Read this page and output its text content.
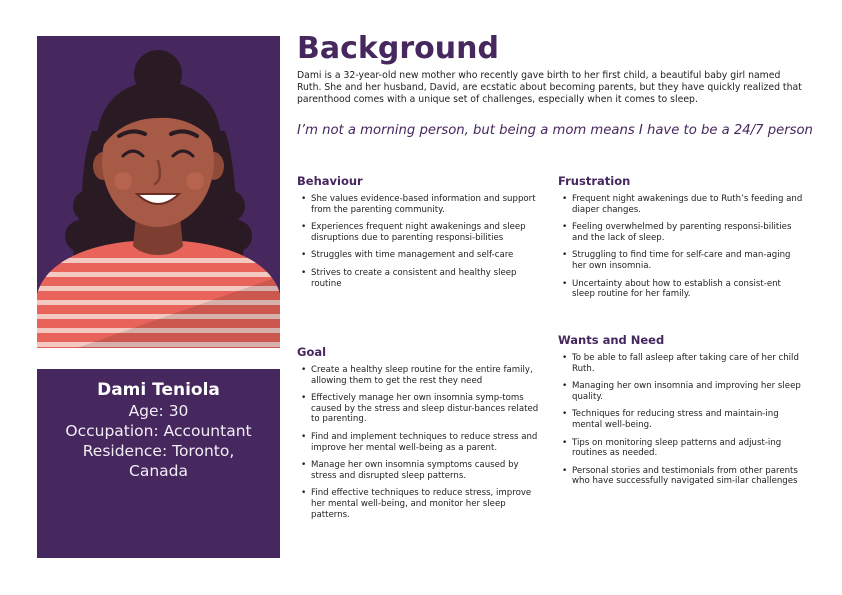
Dami Teniola
Age: 30
Occupation: Accountant
Residence: Toronto,
Canada
Background
Dami is a 32-year-old new mother who recently gave birth to her first child, a beautiful baby girl named Ruth. She and her husband, David, are ecstatic about becoming parents, but they have quickly realized that parenthood comes with a unique set of challenges, especially when it comes to sleep.
I’m not a morning person, but being a mom means I have to be a 24/7 person
Behaviour
• She values evidence-based information and support from the parenting community.
• Experiences frequent night awakenings and sleep disruptions due to parenting responsi-bilities
• Struggles with time management and self-care
• Strives to create a consistent and healthy sleep routine
Goal
• Create a healthy sleep routine for the entire family, allowing them to get the rest they need
• Effectively manage her own insomnia symp-toms caused by the stress and sleep distur-bances related to parenting.
• Find and implement techniques to reduce stress and improve her mental well-being as a parent.
• Manage her own insomnia symptoms caused by stress and disrupted sleep patterns.
• Find effective techniques to reduce stress, improve her mental well-being, and monitor her sleep patterns.
Frustration
• Frequent night awakenings due to Ruth’s feeding and diaper changes.
• Feeling overwhelmed by parenting responsi-bilities and the lack of sleep.
• Struggling to find time for self-care and man-aging her own insomnia.
• Uncertainty about how to establish a consist-ent sleep routine for her family.
Wants and Need
• To be able to fall asleep after taking care of her child Ruth.
• Managing her own insomnia and improving her sleep quality.
• Techniques for reducing stress and maintain-ing mental well-being.
• Tips on monitoring sleep patterns and adjust-ing routines as needed.
• Personal stories and testimonials from other parents who have successfully navigated sim-ilar challenges
